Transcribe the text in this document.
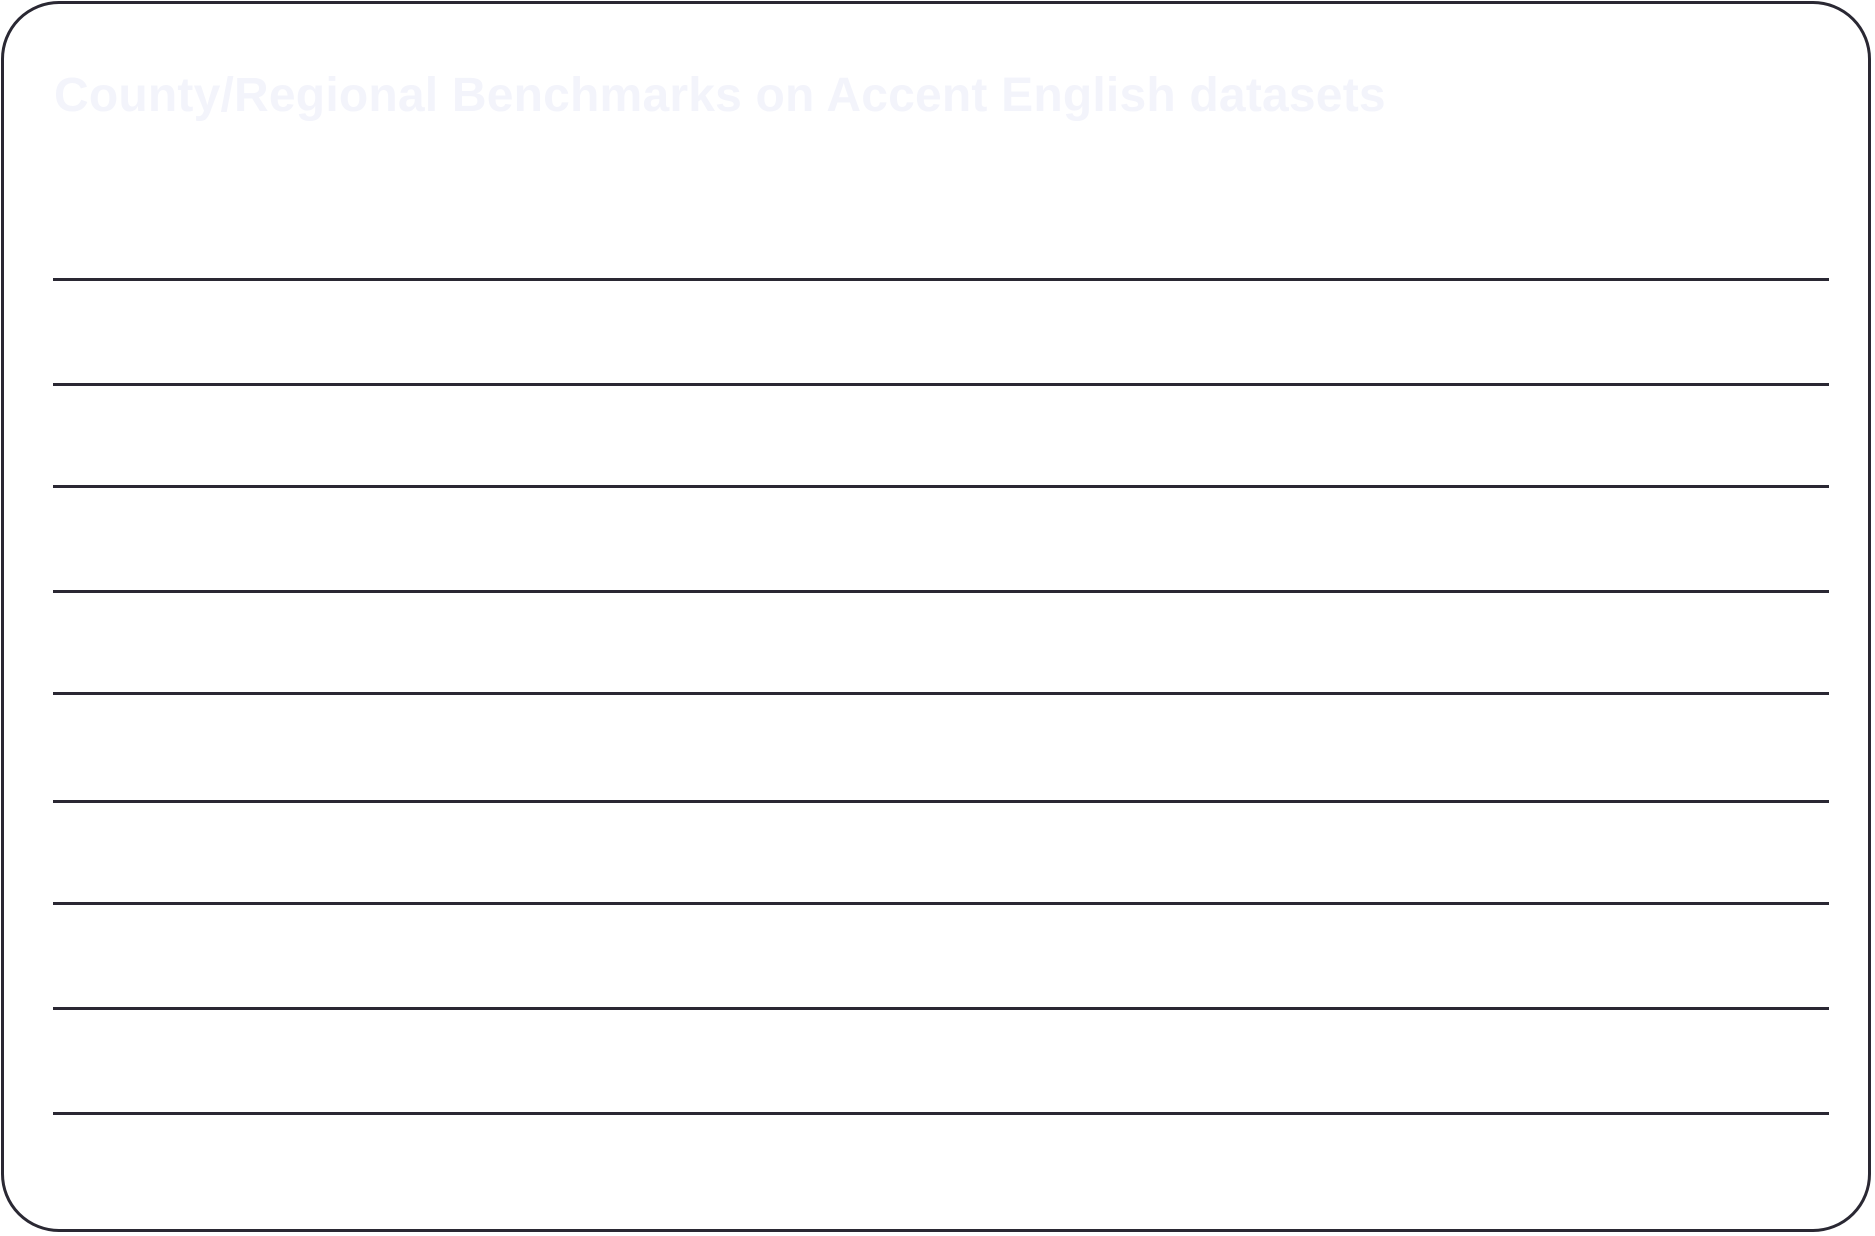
County/Regional Benchmarks on Accent English datasets
